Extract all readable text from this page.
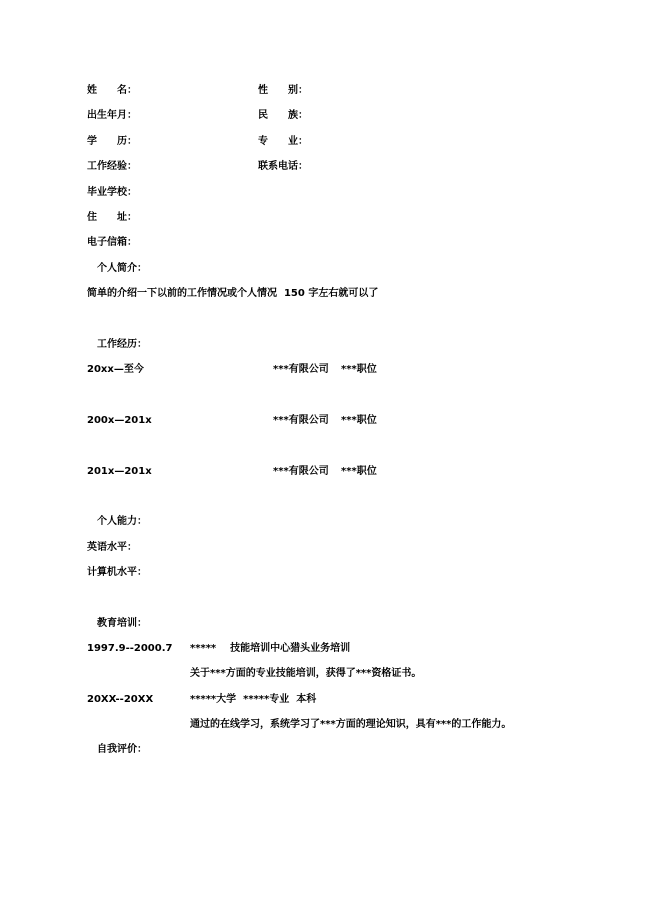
姓　　名：	性　　别：
出生年月：	民　　族：
学　　历：	专　　业：
工作经验：	联系电话：
毕业学校：
住　　址：
电子信箱：
个人简介：
简单的介绍一下以前的工作情况或个人情况  150 字左右就可以了
工作经历：
20xx—至今	***有限公司 ***职位
200x—201x	***有限公司 ***职位
201x—201x	***有限公司 ***职位
个人能力：
英语水平：
计算机水平：
教育培训：
1997.9--2000.7 *****    技能培训中心猎头业务培训
关于***方面的专业技能培训，获得了***资格证书。
20XX--20XX	*****大学  *****专业  本科
通过的在线学习，系统学习了***方面的理论知识，具有***的工作能力。
自我评价：
